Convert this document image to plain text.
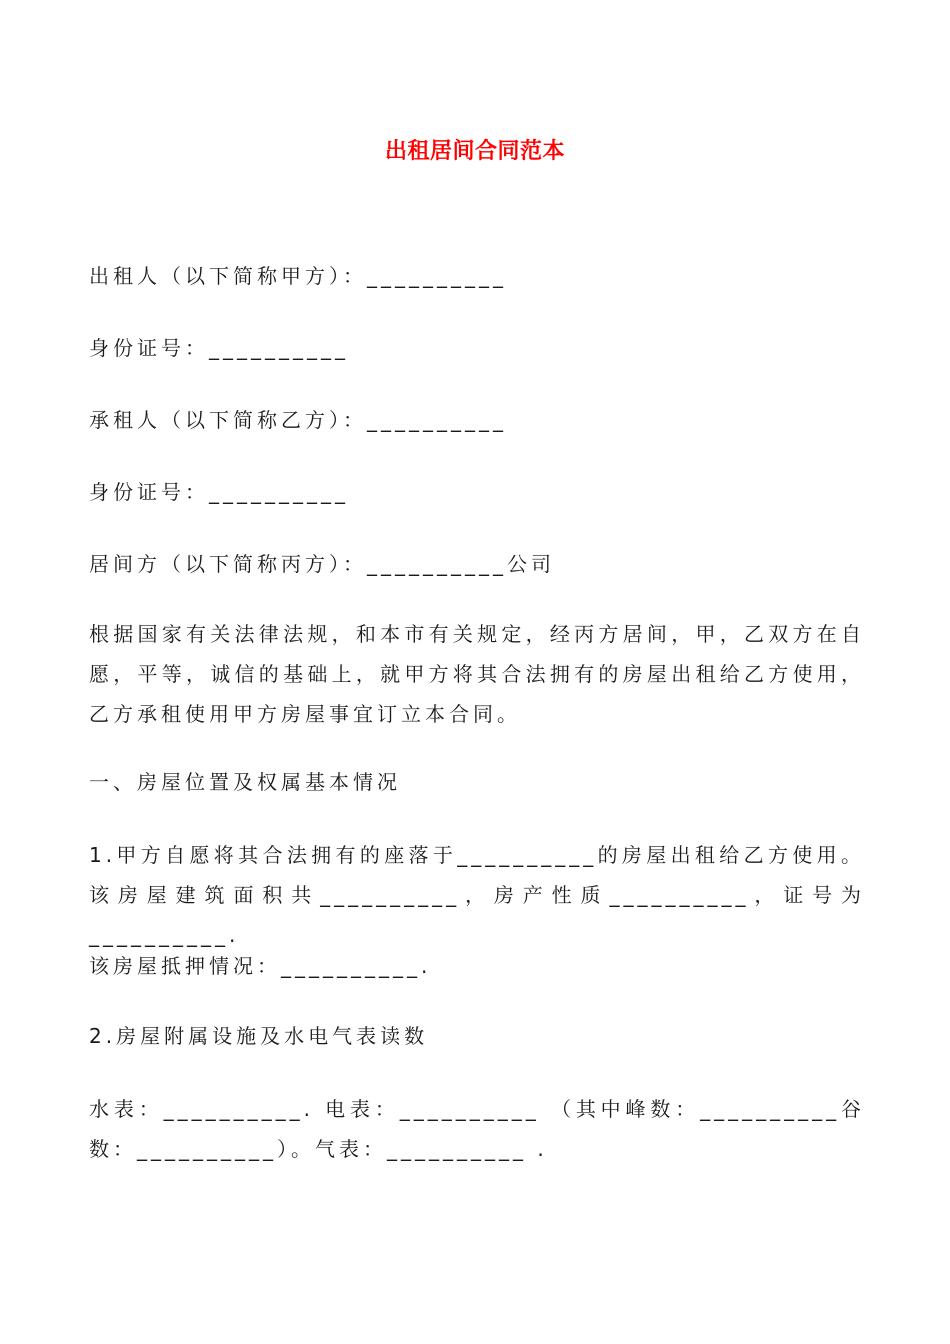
出租居间合同范本
出租人（以下简称甲方）：__________
身份证号：__________
承租人（以下简称乙方）：__________
身份证号：__________
居间方（以下简称丙方）：__________公司
根据国家有关法律法规，和本市有关规定，经丙方居间，甲，乙双方在自愿，平等，诚信的基础上，就甲方将其合法拥有的房屋出租给乙方使用，乙方承租使用甲方房屋事宜订立本合同。
一、房屋位置及权属基本情况
1.甲方自愿将其合法拥有的座落于__________的房屋出租给乙方使用。该房屋建筑面积共__________，房产性质__________，证号为__________.
该房屋抵押情况：__________.
2.房屋附属设施及水电气表读数
水表：__________. 电表：__________ （其中峰数：__________谷数：__________）。气表：__________ .
